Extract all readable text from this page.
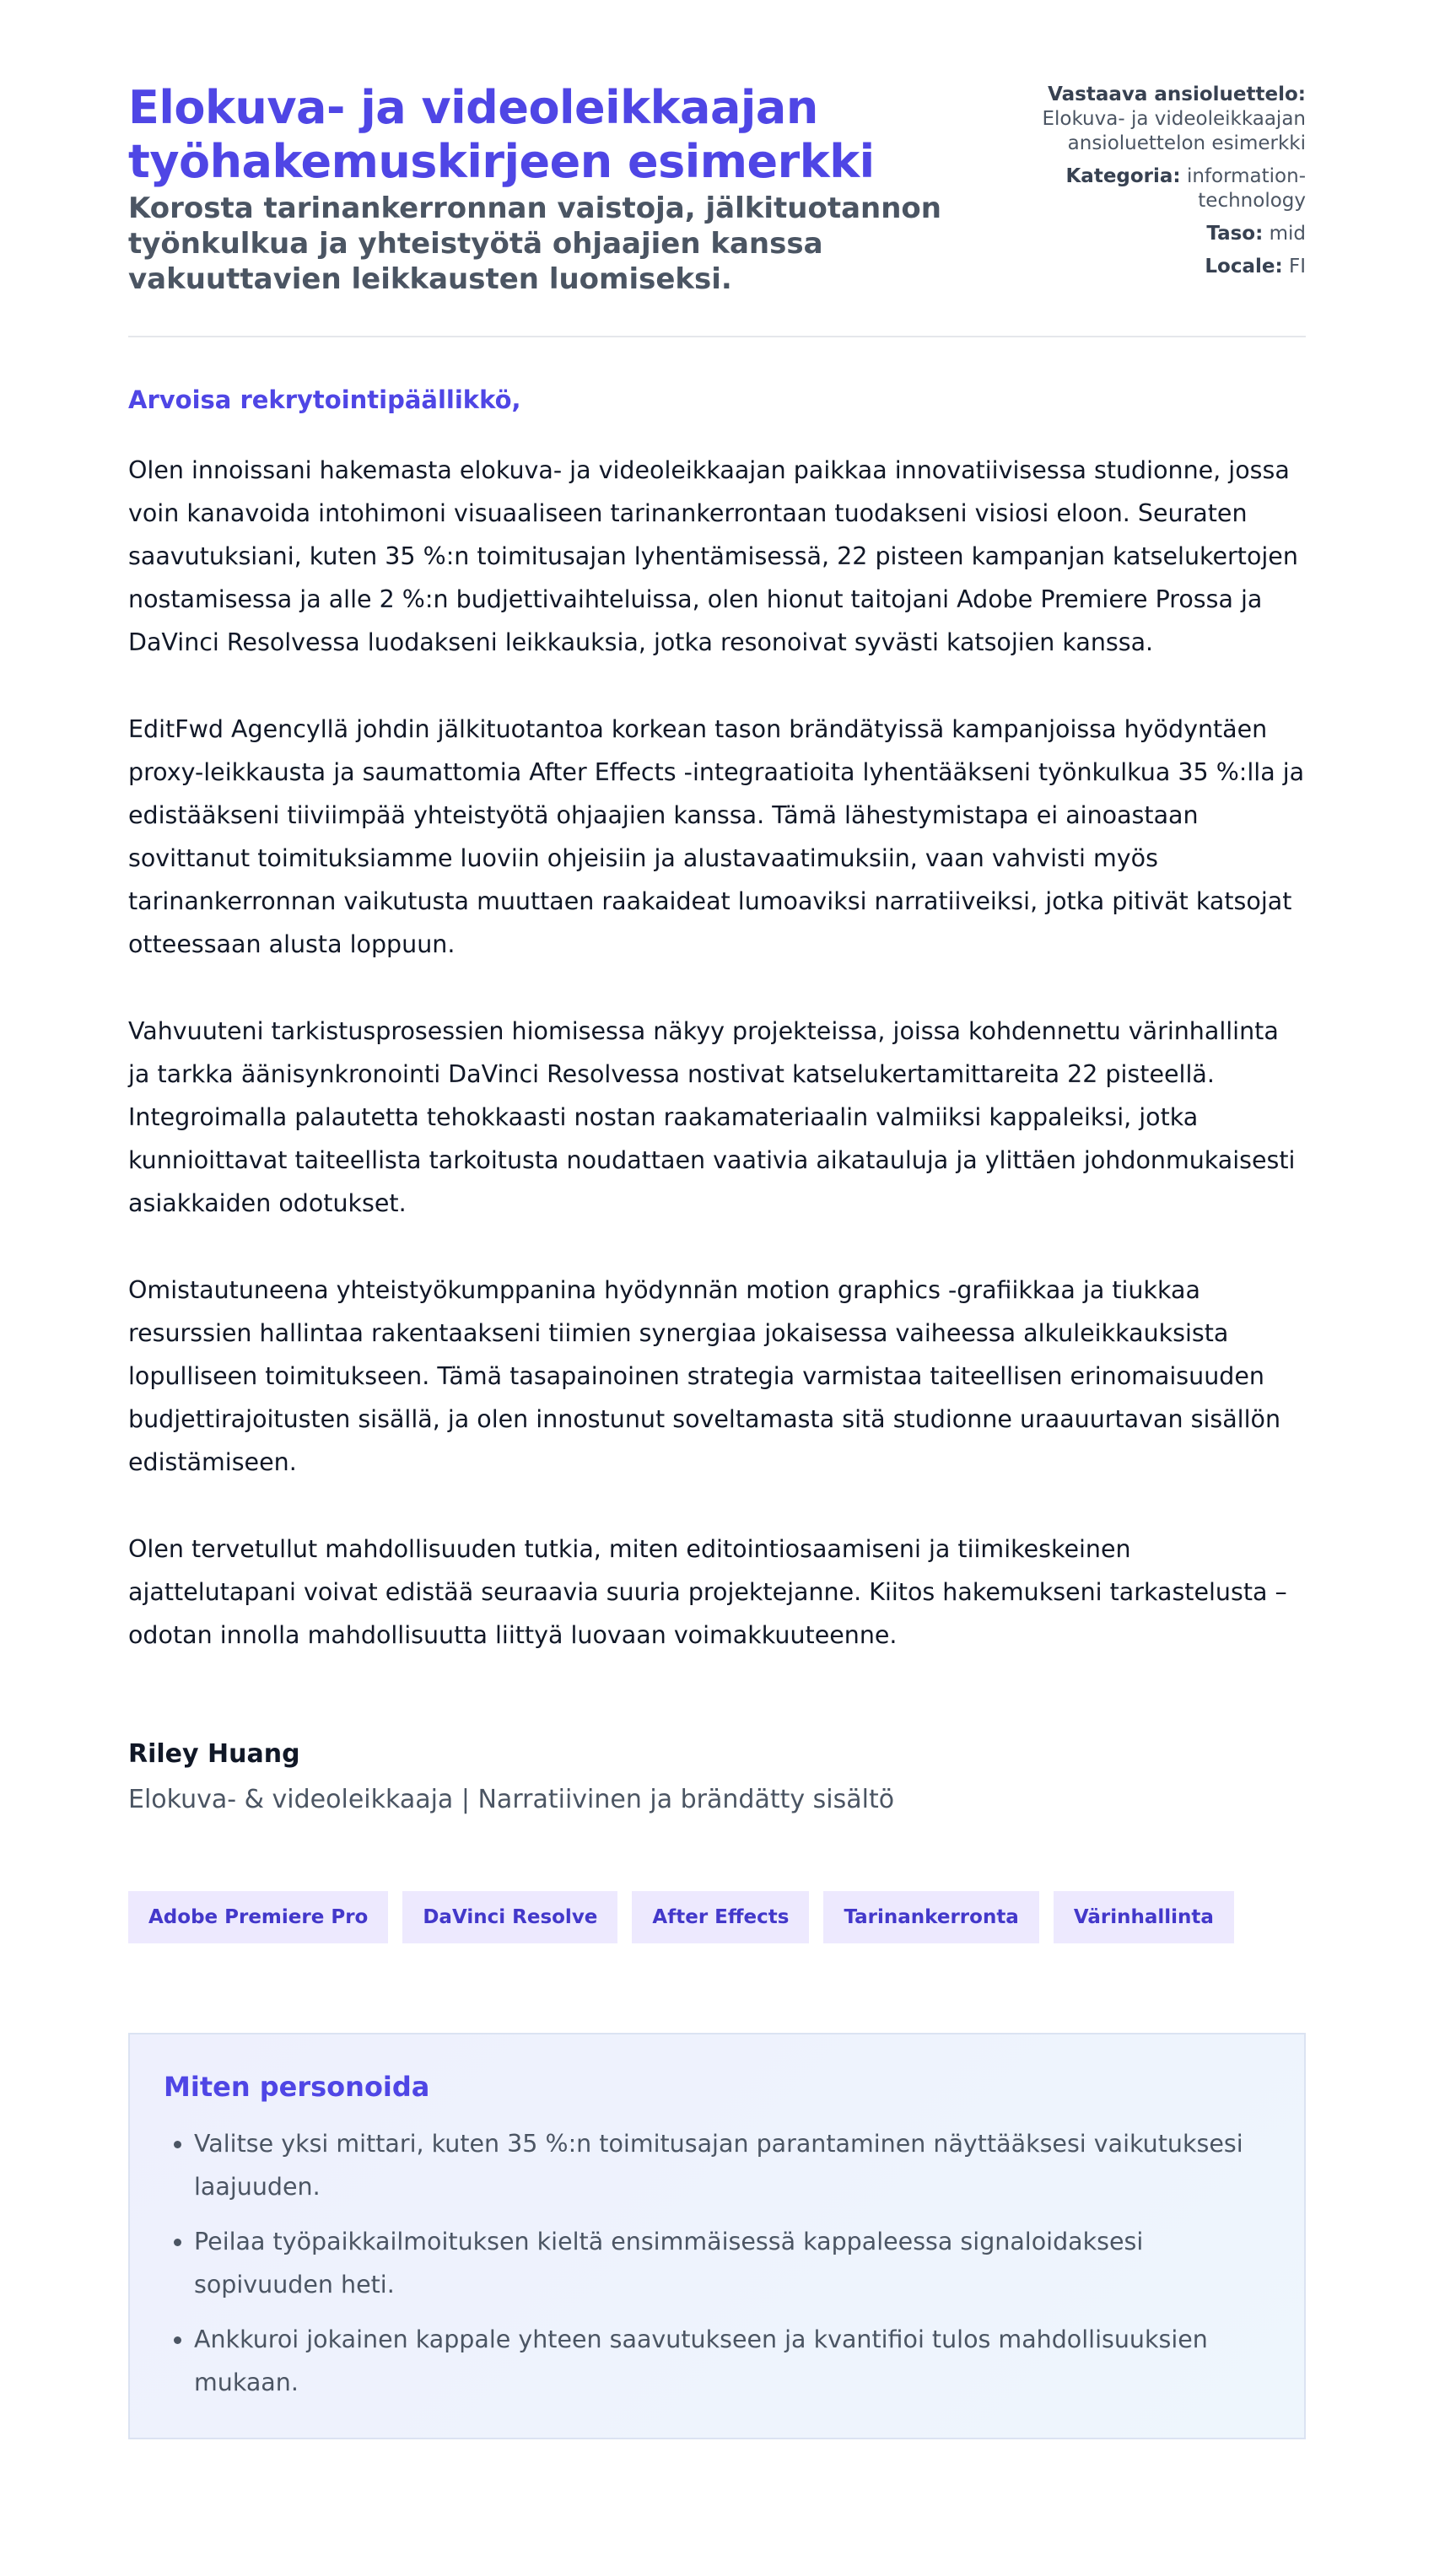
Elokuva- ja videoleikkaajan työhakemuskirjeen esimerkki

Korosta tarinankerronnan vaistoja, jälkituotannon työnkulkua ja yhteistyötä ohjaajien kanssa vakuuttavien leikkausten luomiseksi.

Vastaava ansioluettelo:
Elokuva- ja videoleikkaajan ansioluettelon esimerkki
Kategoria: information-technology
Taso: mid
Locale: FI

Arvoisa rekrytointipäällikkö,

Olen innoissani hakemasta elokuva- ja videoleikkaajan paikkaa innovatiivisessa studionne, jossa voin kanavoida intohimoni visuaaliseen tarinankerrontaan tuodakseni visiosi eloon. Seuraten saavutuksiani, kuten 35 %:n toimitusajan lyhentämisessä, 22 pisteen kampanjan katselukertojen nostamisessa ja alle 2 %:n budjettivaihteluissa, olen hionut taitojani Adobe Premiere Prossa ja DaVinci Resolvessa luodakseni leikkauksia, jotka resonoivat syvästi katsojien kanssa.

EditFwd Agencyllä johdin jälkituotantoa korkean tason brändätyissä kampanjoissa hyödyntäen proxy-leikkausta ja saumattomia After Effects -integraatioita lyhentääkseni työnkulkua 35 %:lla ja edistääkseni tiiviimpää yhteistyötä ohjaajien kanssa. Tämä lähestymistapa ei ainoastaan sovittanut toimituksiamme luoviin ohjeisiin ja alustavaatimuksiin, vaan vahvisti myös tarinankerronnan vaikutusta muuttaen raakaideat lumoaviksi narratiiveiksi, jotka pitivät katsojat otteessaan alusta loppuun.

Vahvuuteni tarkistusprosessien hiomisessa näkyy projekteissa, joissa kohdennettu värinhallinta ja tarkka äänisynkronointi DaVinci Resolvessa nostivat katselukertamittareita 22 pisteellä. Integroimalla palautetta tehokkaasti nostan raakamateriaalin valmiiksi kappaleiksi, jotka kunnioittavat taiteellista tarkoitusta noudattaen vaativia aikatauluja ja ylittäen johdonmukaisesti asiakkaiden odotukset.

Omistautuneena yhteistyökumppanina hyödynnän motion graphics -grafiikkaa ja tiukkaa resurssien hallintaa rakentaakseni tiimien synergiaa jokaisessa vaiheessa alkuleikkauksista lopulliseen toimitukseen. Tämä tasapainoinen strategia varmistaa taiteellisen erinomaisuuden budjettirajoitusten sisällä, ja olen innostunut soveltamasta sitä studionne uraauurtavan sisällön edistämiseen.

Olen tervetullut mahdollisuuden tutkia, miten editointiosaamiseni ja tiimikeskeinen ajattelutapani voivat edistää seuraavia suuria projektejanne. Kiitos hakemukseni tarkastelusta – odotan innolla mahdollisuutta liittyä luovaan voimakkuuteenne.

Riley Huang

Elokuva- & videoleikkaaja | Narratiivinen ja brändätty sisältö

Adobe Premiere Pro	DaVinci Resolve	After Effects	Tarinankerronta	Värinhallinta
Miten personoida
• Valitse yksi mittari, kuten 35 %:n toimitusajan parantaminen näyttääksesi vaikutuksesi laajuuden.
• Peilaa työpaikkailmoituksen kieltä ensimmäisessä kappaleessa signaloidaksesi sopivuuden heti.
• Ankkuroi jokainen kappale yhteen saavutukseen ja kvantifioi tulos mahdollisuuksien mukaan.
